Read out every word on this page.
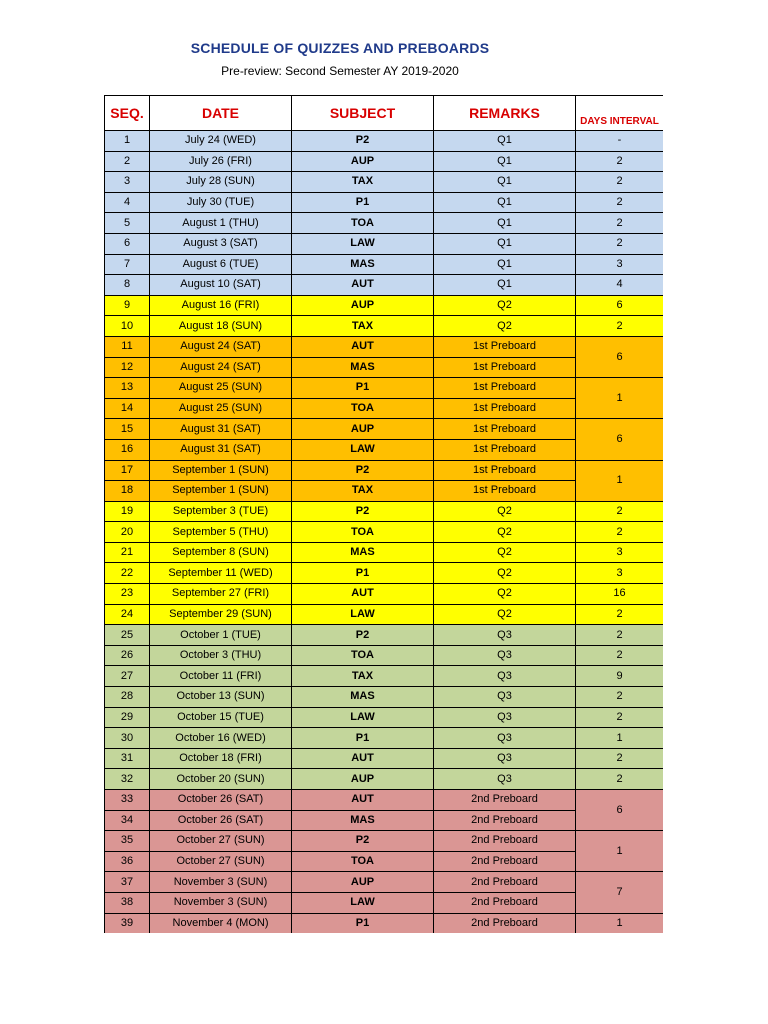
SCHEDULE OF QUIZZES AND PREBOARDS
Pre-review: Second Semester AY 2019-2020
SEQ.	DATE	SUBJECT	REMARKS	DAYS INTERVAL
1	July 24 (WED)	P2	Q1	-
2	July 26 (FRI)	AUP	Q1	2
3	July 28 (SUN)	TAX	Q1	2
4	July 30 (TUE)	P1	Q1	2
5	August 1 (THU)	TOA	Q1	2
6	August 3 (SAT)	LAW	Q1	2
7	August 6 (TUE)	MAS	Q1	3
8	August 10 (SAT)	AUT	Q1	4
9	August 16 (FRI)	AUP	Q2	6
10	August 18 (SUN)	TAX	Q2	2
11	August 24 (SAT)	AUT	1st Preboard	6
12	August 24 (SAT)	MAS	1st Preboard	
13	August 25 (SUN)	P1	1st Preboard	1
14	August 25 (SUN)	TOA	1st Preboard	
15	August 31 (SAT)	AUP	1st Preboard	6
16	August 31 (SAT)	LAW	1st Preboard	
17	September 1 (SUN)	P2	1st Preboard	1
18	September 1 (SUN)	TAX	1st Preboard	
19	September 3 (TUE)	P2	Q2	2
20	September 5 (THU)	TOA	Q2	2
21	September 8 (SUN)	MAS	Q2	3
22	September 11 (WED)	P1	Q2	3
23	September 27 (FRI)	AUT	Q2	16
24	September 29 (SUN)	LAW	Q2	2
25	October 1 (TUE)	P2	Q3	2
26	October 3 (THU)	TOA	Q3	2
27	October 11 (FRI)	TAX	Q3	9
28	October 13 (SUN)	MAS	Q3	2
29	October 15 (TUE)	LAW	Q3	2
30	October 16 (WED)	P1	Q3	1
31	October 18 (FRI)	AUT	Q3	2
32	October 20 (SUN)	AUP	Q3	2
33	October 26 (SAT)	AUT	2nd Preboard	6
34	October 26 (SAT)	MAS	2nd Preboard	
35	October 27 (SUN)	P2	2nd Preboard	1
36	October 27 (SUN)	TOA	2nd Preboard	
37	November 3 (SUN)	AUP	2nd Preboard	7
38	November 3 (SUN)	LAW	2nd Preboard	
39	November 4 (MON)	P1	2nd Preboard	1
